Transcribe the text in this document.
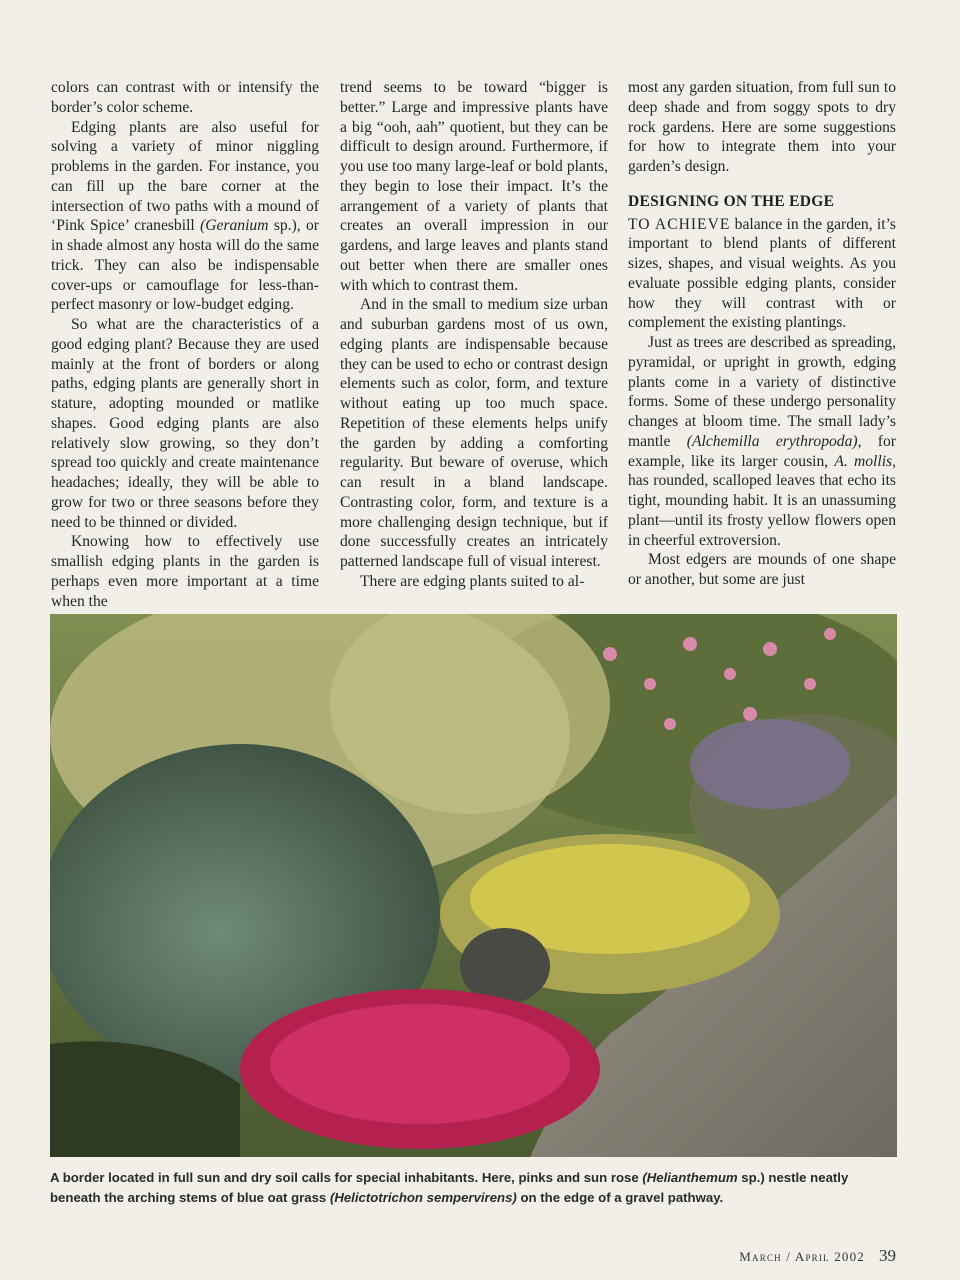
colors can contrast with or intensify the border’s color scheme.

Edging plants are also useful for solving a variety of minor niggling problems in the garden. For instance, you can fill up the bare corner at the intersection of two paths with a mound of ‘Pink Spice’ cranesbill (Geranium sp.), or in shade almost any hosta will do the same trick. They can also be indispensable cover-ups or camouflage for less-than-perfect masonry or low-budget edging.

So what are the characteristics of a good edging plant? Because they are used mainly at the front of borders or along paths, edging plants are generally short in stature, adopting mounded or matlike shapes. Good edging plants are also relatively slow growing, so they don’t spread too quickly and create maintenance headaches; ideally, they will be able to grow for two or three seasons before they need to be thinned or divided.

Knowing how to effectively use smallish edging plants in the garden is perhaps even more important at a time when the

trend seems to be toward “bigger is better.” Large and impressive plants have a big “ooh, aah” quotient, but they can be difficult to design around. Furthermore, if you use too many large-leaf or bold plants, they begin to lose their impact. It’s the arrangement of a variety of plants that creates an overall impression in our gardens, and large leaves and plants stand out better when there are smaller ones with which to contrast them.

And in the small to medium size urban and suburban gardens most of us own, edging plants are indispensable because they can be used to echo or contrast design elements such as color, form, and texture without eating up too much space. Repetition of these elements helps unify the garden by adding a comforting regularity. But beware of overuse, which can result in a bland landscape. Contrasting color, form, and texture is a more challenging design technique, but if done successfully creates an intricately patterned landscape full of visual interest.

There are edging plants suited to al-

most any garden situation, from full sun to deep shade and from soggy spots to dry rock gardens. Here are some suggestions for how to integrate them into your garden’s design.

DESIGNING ON THE EDGE

TO ACHIEVE balance in the garden, it’s important to blend plants of different sizes, shapes, and visual weights. As you evaluate possible edging plants, consider how they will contrast with or complement the existing plantings.

Just as trees are described as spreading, pyramidal, or upright in growth, edging plants come in a variety of distinctive forms. Some of these undergo personality changes at bloom time. The small lady’s mantle (Alchemilla erythropoda), for example, like its larger cousin, A. mollis, has rounded, scalloped leaves that echo its tight, mounding habit. It is an unassuming plant—until its frosty yellow flowers open in cheerful extroversion.

Most edgers are mounds of one shape or another, but some are just

A border located in full sun and dry soil calls for special inhabitants. Here, pinks and sun rose (Helianthemum sp.) nestle neatly beneath the arching stems of blue oat grass (Helictotrichon sempervirens) on the edge of a gravel pathway.
March / April 2002 39
